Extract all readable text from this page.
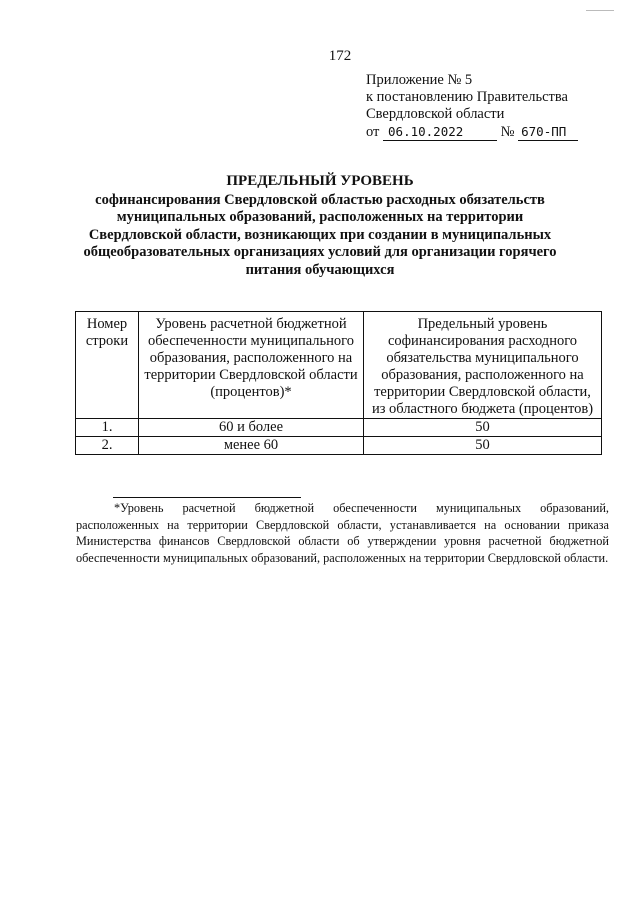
172
Приложение № 5
к постановлению Правительства
Свердловской области
от 06.10.2022	№ 670-ПП
ПРЕДЕЛЬНЫЙ УРОВЕНЬ
софинансирования Свердловской областью расходных обязательств
муниципальных образований, расположенных на территории
Свердловской области, возникающих при создании в муниципальных
общеобразовательных организациях условий для организации горячего
питания обучающихся
Номер строки	Уровень расчетной бюджетной обеспеченности муниципального образования, расположенного на территории Свердловской области (процентов)*	Предельный уровень софинансирования расходного обязательства муниципального образования, расположенного на территории Свердловской области, из областного бюджета (процентов)
1.	60 и более	50
2.	менее 60	50
*Уровень расчетной бюджетной обеспеченности муниципальных образований, расположенных на территории Свердловской области, устанавливается на основании приказа Министерства финансов Свердловской области об утверждении уровня расчетной бюджетной обеспеченности муниципальных образований, расположенных на территории Свердловской области.
